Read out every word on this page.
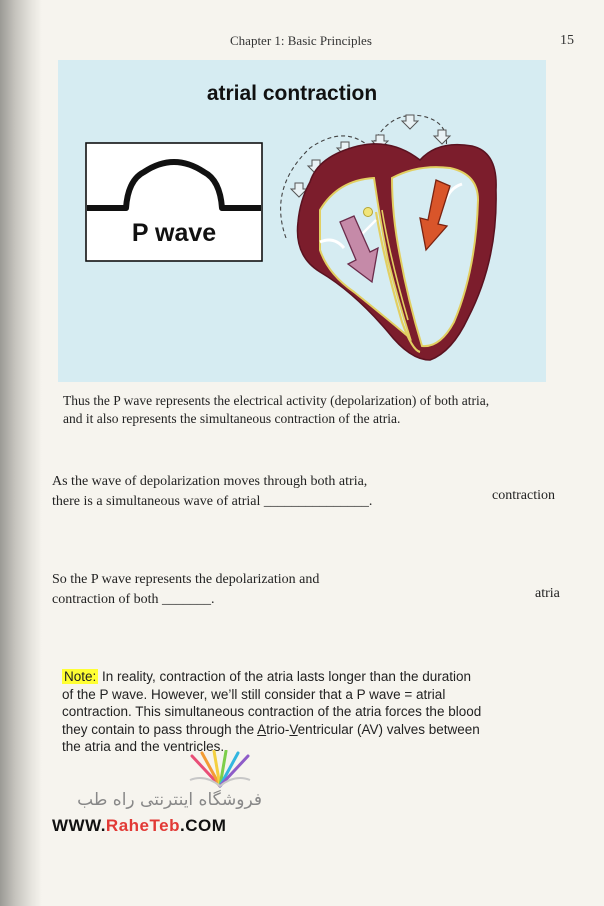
Chapter 1: Basic Principles	15
atrial contraction
P wave
Thus the P wave represents the electrical activity (depolarization) of both atria,
and it also represents the simultaneous contraction of the atria.
As the wave of depolarization moves through both atria,
there is a simultaneous wave of atrial _______________.	contraction
So the P wave represents the depolarization and
contraction of both _______.	atria
Note: In reality, contraction of the atria lasts longer than the duration
of the P wave. However, we’ll still consider that a P wave = atrial
contraction. This simultaneous contraction of the atria forces the blood
they contain to pass through the Atrio-Ventricular (AV) valves between
the atria and the ventricles.
فروشگاه اینترنتی راه طب
WWW.RaheTeb.COM
